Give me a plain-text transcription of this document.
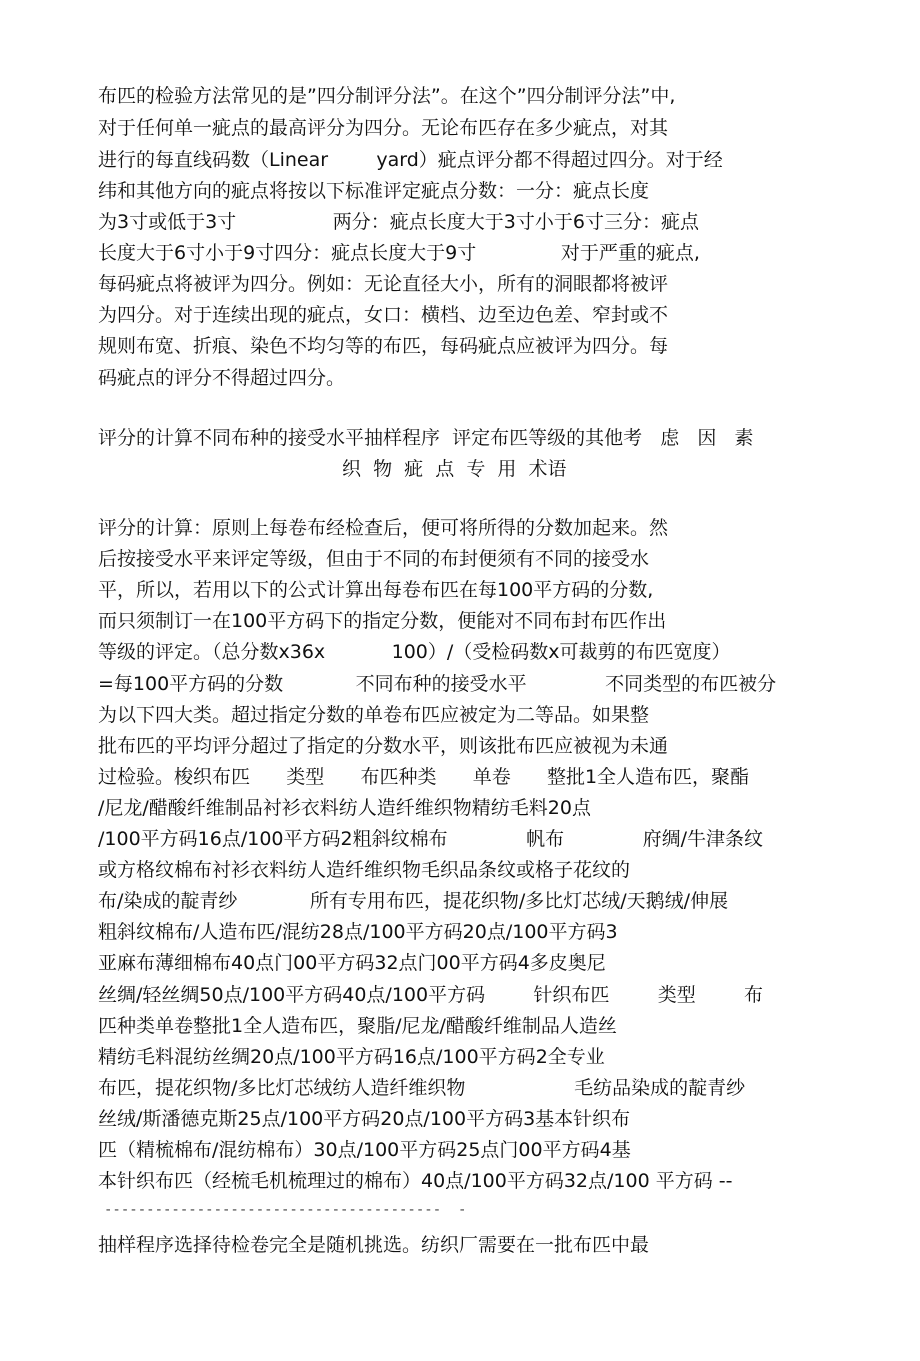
布匹的检验方法常见的是”四分制评分法”。在这个”四分制评分法”中,
对于任何单一疵点的最高评分为四分。无论布匹存在多少疵点，对其
进行的每直线码数（Linear        yard）疵点评分都不得超过四分。对于经
纬和其他方向的疵点将按以下标准评定疵点分数：一分：疵点长度
为3寸或低于3寸                两分：疵点长度大于3寸小于6寸三分：疵点
长度大于6寸小于9寸四分：疵点长度大于9寸              对于严重的疵点,
每码疵点将被评为四分。例如：无论直径大小，所有的洞眼都将被评
为四分。对于连续出现的疵点，女口：横档、边至边色差、窄封或不
规则布宽、折痕、染色不均匀等的布匹，每码疵点应被评为四分。每
码疵点的评分不得超过四分。
评分的计算不同布种的接受水平抽样程序  评定布匹等级的其他考   虑   因   素
织  物  疵  点  专  用  术语
评分的计算：原则上每卷布经检查后，便可将所得的分数加起来。然
后按接受水平来评定等级，但由于不同的布封便须有不同的接受水
平，所以，若用以下的公式计算出每卷布匹在每100平方码的分数,
而只须制订一在100平方码下的指定分数，便能对不同布封布匹作出
等级的评定。（总分数x36x           100）/（受检码数x可裁剪的布匹宽度）
=每100平方码的分数            不同布种的接受水平             不同类型的布匹被分
为以下四大类。超过指定分数的单卷布匹应被定为二等品。如果整
批布匹的平均评分超过了指定的分数水平，则该批布匹应被视为未通
过检验。梭织布匹      类型      布匹种类      单卷      整批1全人造布匹，聚酯
/尼龙/醋酸纤维制品衬衫衣料纺人造纤维织物精纺毛料20点
/100平方码16点/100平方码2粗斜纹棉布             帆布             府绸/牛津条纹
或方格纹棉布衬衫衣料纺人造纤维织物毛织品条纹或格子花纹的
布/染成的靛青纱            所有专用布匹，提花织物/多比灯芯绒/天鹅绒/伸展
粗斜纹棉布/人造布匹/混纺28点/100平方码20点/100平方码3
亚麻布薄细棉布40点门00平方码32点门00平方码4多皮奥尼
丝绸/轻丝绸50点/100平方码40点/100平方码        针织布匹        类型        布
匹种类单卷整批1全人造布匹，聚脂/尼龙/醋酸纤维制品人造丝
精纺毛料混纺丝绸20点/100平方码16点/100平方码2全专业
布匹，提花织物/多比灯芯绒纺人造纤维织物                  毛纺品染成的靛青纱
丝绒/斯潘德克斯25点/100平方码20点/100平方码3基本针织布
匹（精梳棉布/混纺棉布）30点/100平方码25点门00平方码4基
本针织布匹（经梳毛机梳理过的棉布）40点/100平方码32点/100 平方码 --
----------------------------------------  -
抽样程序选择待检卷完全是随机挑选。纺织厂需要在一批布匹中最
